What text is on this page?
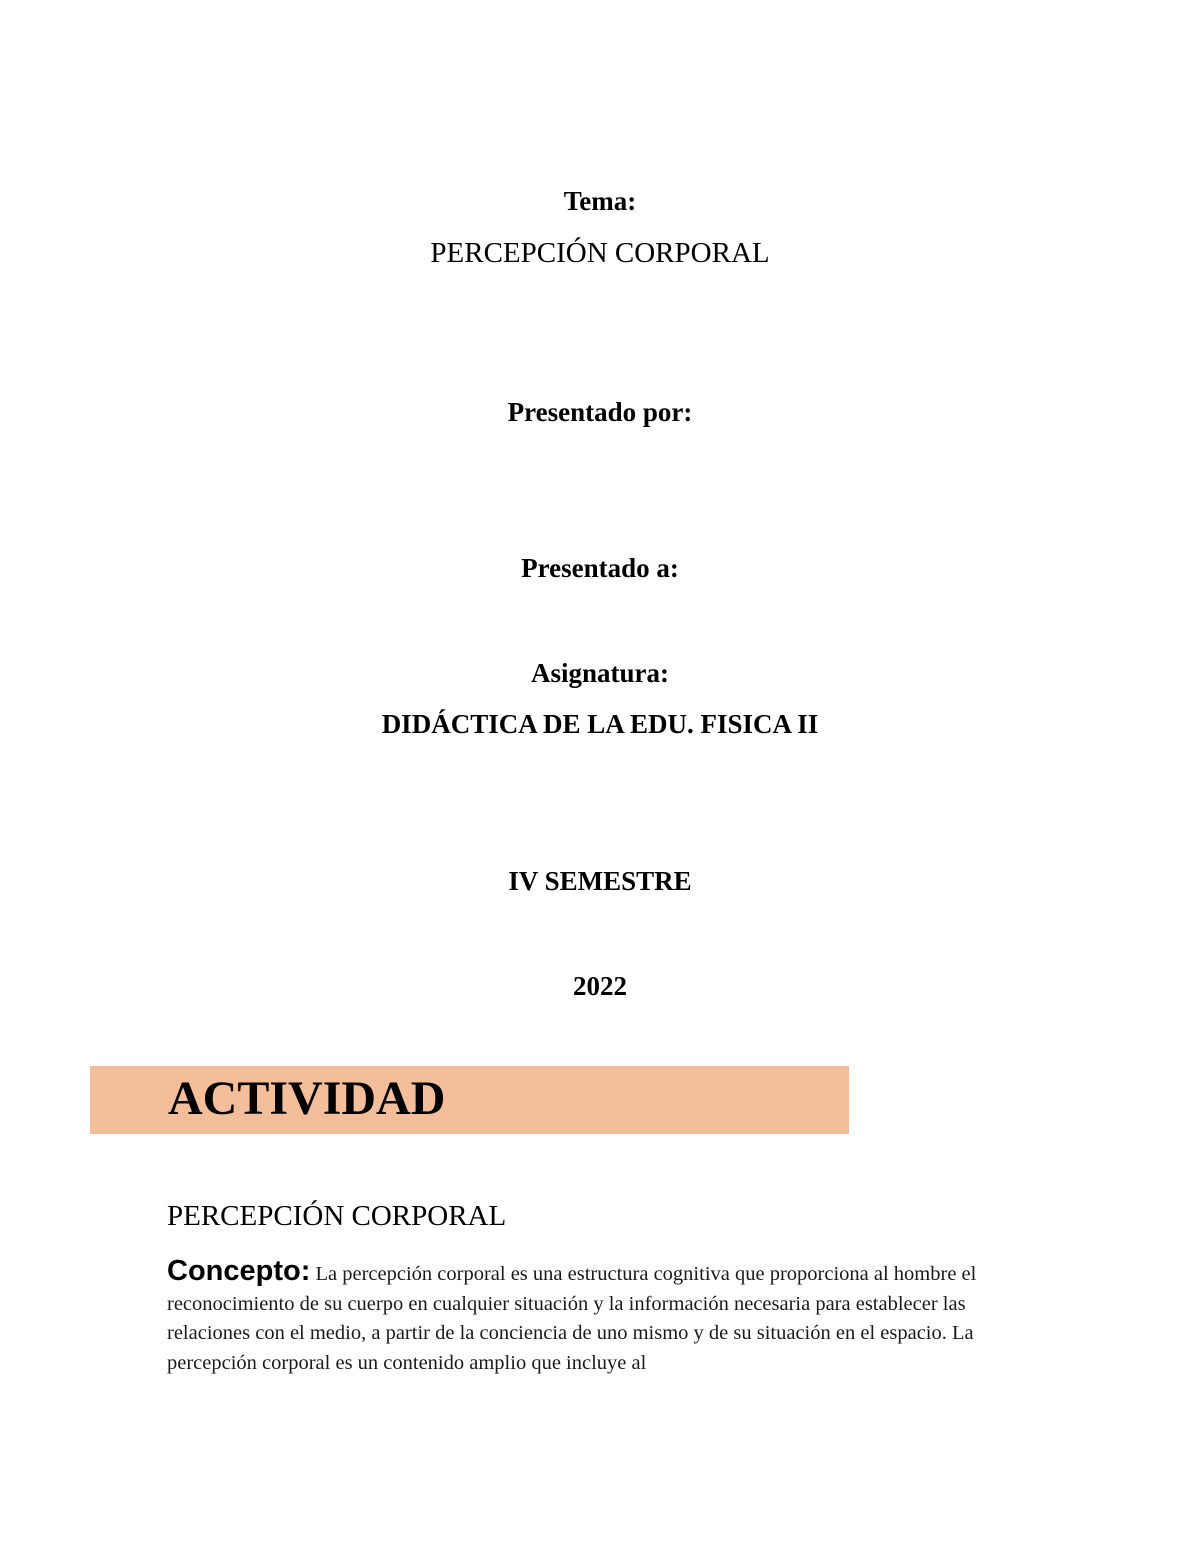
Tema:
PERCEPCIÓN CORPORAL
Presentado por:
Presentado a:
Asignatura:
DIDÁCTICA DE LA EDU. FISICA II
IV SEMESTRE
2022
ACTIVIDAD
PERCEPCIÓN CORPORAL
Concepto: La percepción corporal es una estructura cognitiva que proporciona al hombre el reconocimiento de su cuerpo en cualquier situación y la información necesaria para establecer las relaciones con el medio, a partir de la conciencia de uno mismo y de su situación en el espacio. La percepción corporal es un contenido amplio que incluye al
